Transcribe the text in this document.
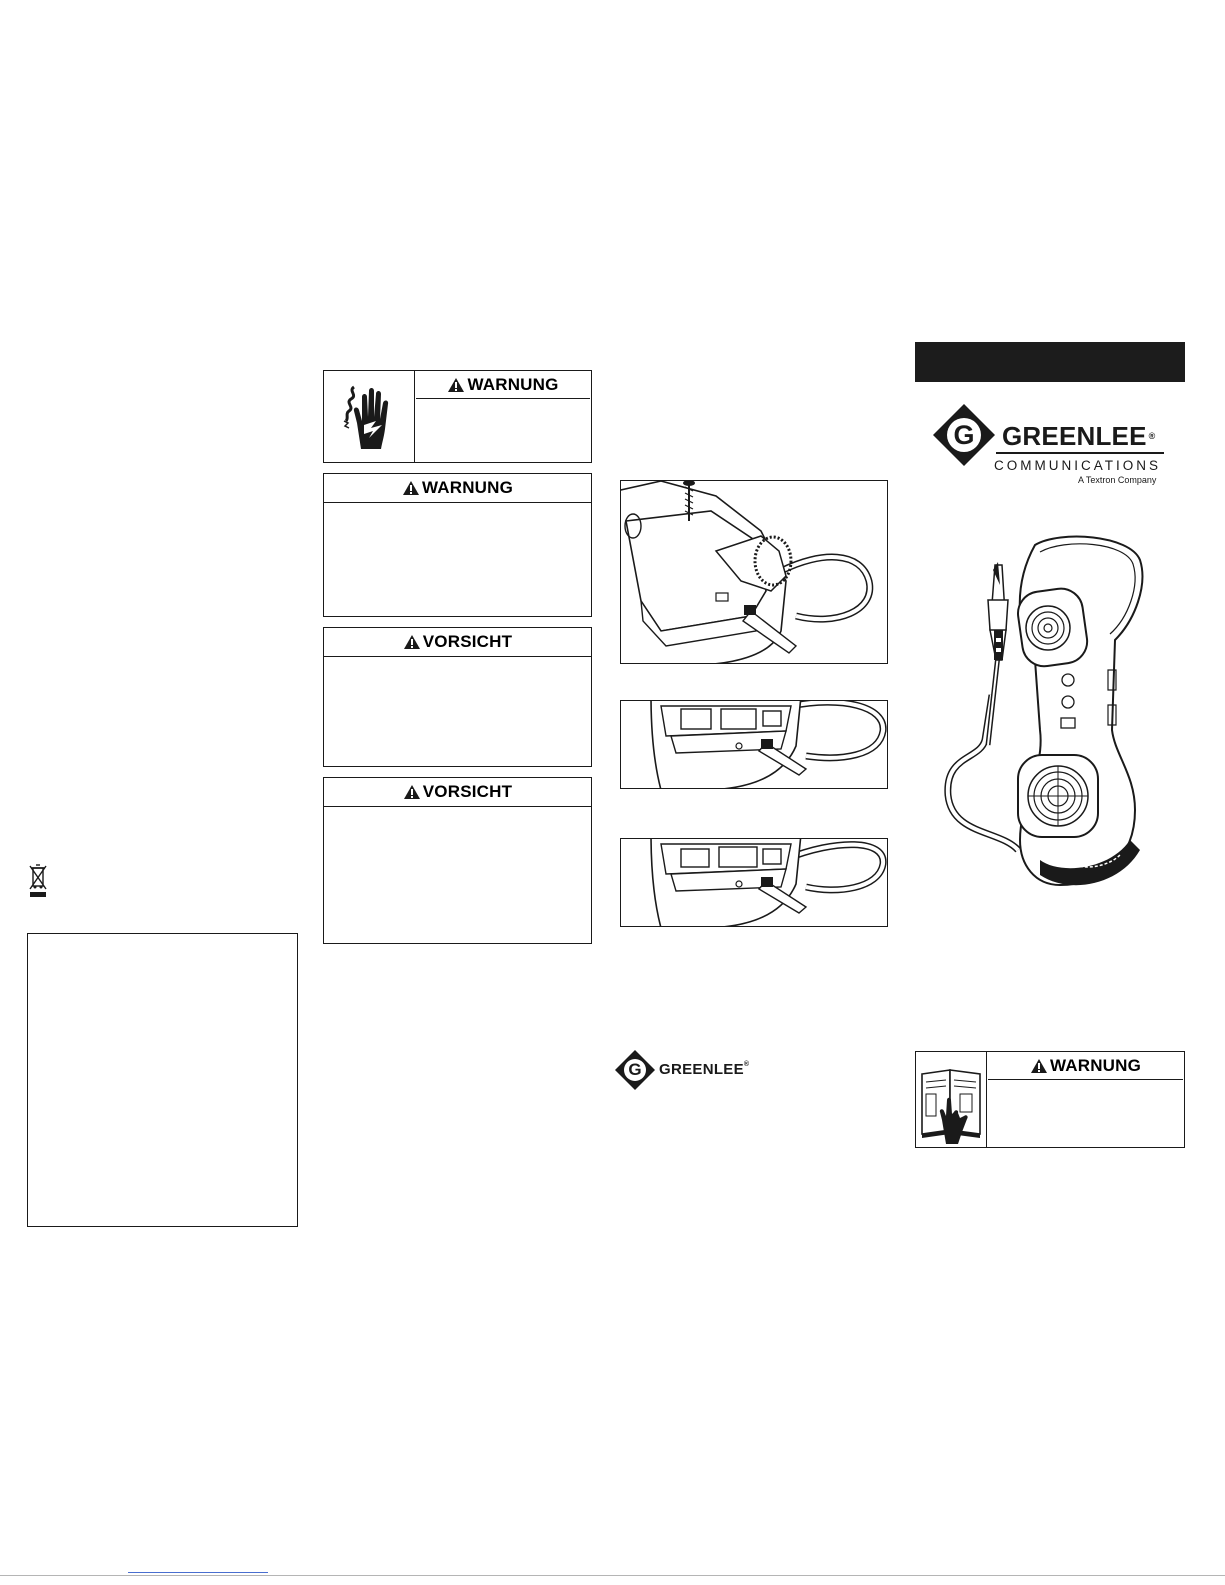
WARNUNG
WARNUNG
VORSICHT
VORSICHT
G GREENLEE®
G GREENLEE ®
COMMUNICATIONS
A Textron Company
WARNUNG
